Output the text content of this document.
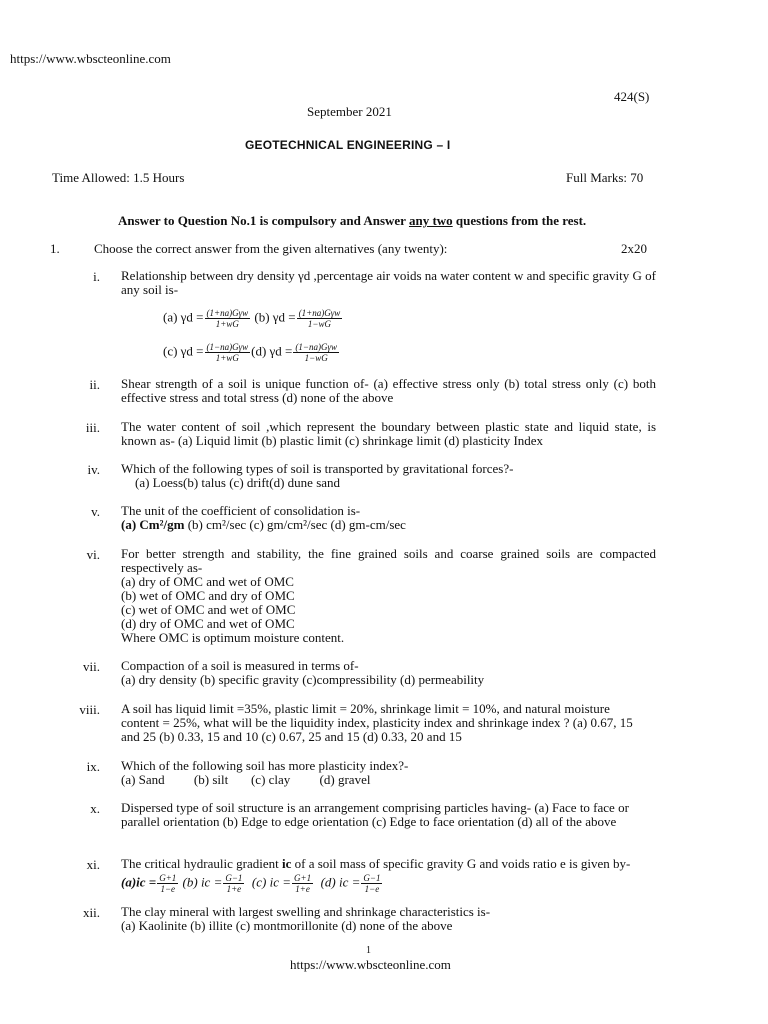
https://www.wbscteonline.com
424(S)
September 2021
GEOTECHNICAL ENGINEERING – I
Time Allowed: 1.5 Hours	Full Marks: 70
Answer to Question No.1 is compulsory and Answer any two questions from the rest.
1.	Choose the correct answer from the given alternatives (any twenty):	2x20
i. Relationship between dry density γd ,percentage air voids na water content w and specific gravity G of
any soil is-
(a) $\gamma d = \frac{\text{(1+na)Gγw}}{1+wG} (b) \gamma d = \frac{\text{(1+na)Gγw}}{1-wG}$
(c) $\gamma d = \frac{\text{(1−na)Gγw}}{1+wG} (d) \gamma d = \frac{\text{(1−na)Gγw}}{1-wG}$
ii. Shear strength of a soil is unique function of- (a) effective stress only (b) total stress only (c) both
effective stress and total stress (d) none of the above
iii. The water content of soil ,which represent the boundary between plastic state and liquid state, is
known as- (a) Liquid limit (b) plastic limit (c) shrinkage limit (d) plasticity Index
iv. Which of the following types of soil is transported by gravitational forces?-
(a) Loess(b) talus (c) drift(d) dune sand
v. The unit of the coefficient of consolidation is-
(a) Cm²/gm (b) cm²/sec (c) gm/cm²/sec (d) gm-cm/sec
vi. For better strength and stability, the fine grained soils and coarse grained soils are compacted
respectively as-
(a) dry of OMC and wet of OMC
(b) wet of OMC and dry of OMC
(c) wet of OMC and wet of OMC
(d) dry of OMC and wet of OMC
Where OMC is optimum moisture content.
vii. Compaction of a soil is measured in terms of-
(a) dry density (b) specific gravity (c)compressibility (d) permeability
viii. A soil has liquid limit =35%, plastic limit = 20%, shrinkage limit = 10%, and natural moisture
content = 25%, what will be the liquidity index, plasticity index and shrinkage index ? (a) 0.67, 15
and 25 (b) 0.33, 15 and 10 (c) 0.67, 25 and 15 (d) 0.33, 20 and 15
ix. Which of the following soil has more plasticity index?-
(a) Sand         (b) silt       (c) clay         (d) gravel
x. Dispersed type of soil structure is an arrangement comprising particles having- (a) Face to face or
parallel orientation (b) Edge to edge orientation (c) Edge to face orientation (d) all of the above
xi. The critical hydraulic gradient ic of a soil mass of specific gravity G and voids ratio e is given by-
$(a)ic = \frac{G+1}{1-e} (b)$ ic = $\frac{G-1}{1+e} (c)$ ic = $\frac{G+1}{1+e} (d)$ ic = $\frac{G-1}{1-e}$
xii. The clay mineral with largest swelling and shrinkage characteristics is-
(a) Kaolinite (b) illite (c) montmorillonite (d) none of the above
1
https://www.wbscteonline.com
